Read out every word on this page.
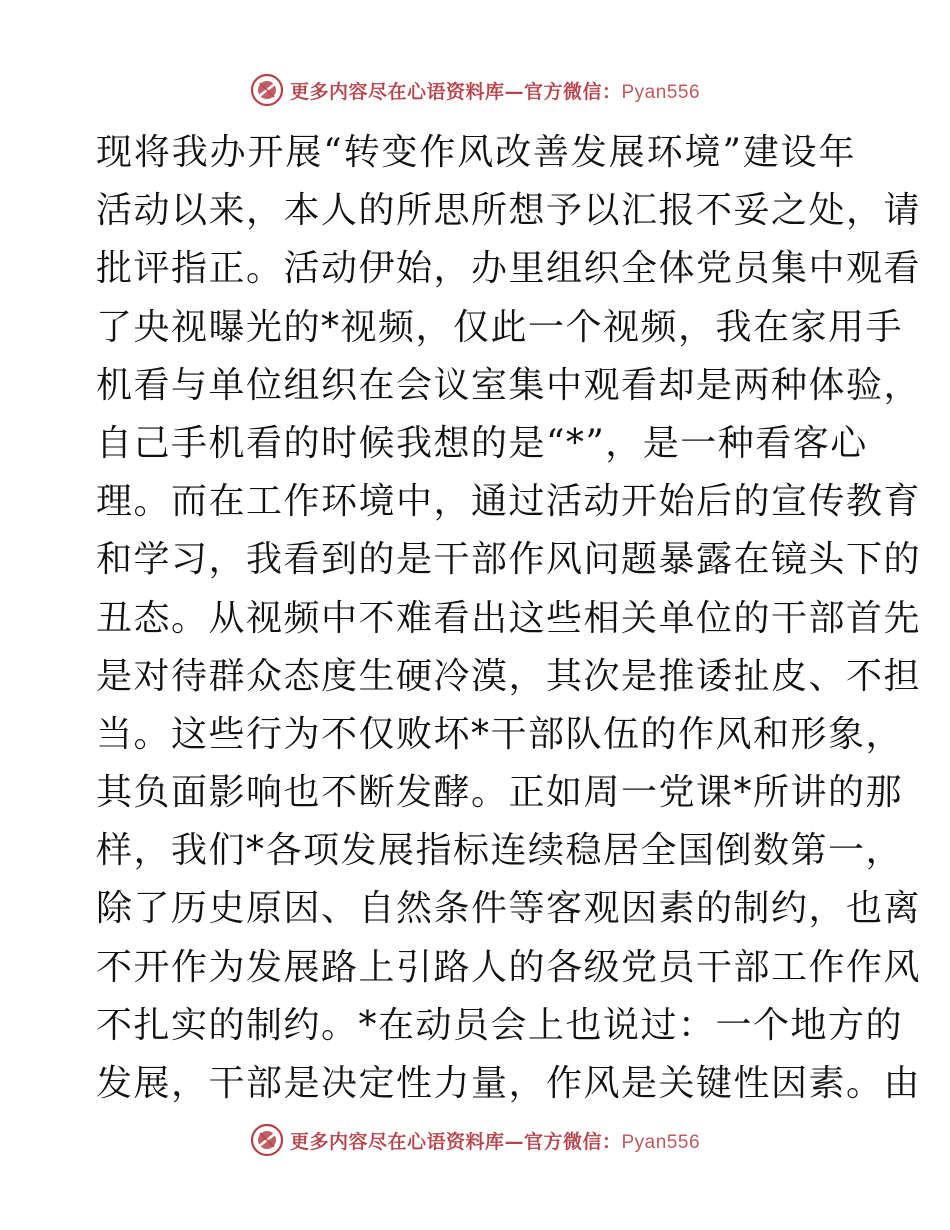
更多内容尽在心语资料库—官方微信：Pyan556
现将我办开展“转变作风改善发展环境”建设年
活动以来，本人的所思所想予以汇报不妥之处，请
批评指正。活动伊始，办里组织全体党员集中观看
了央视曝光的*视频，仅此一个视频，我在家用手
机看与单位组织在会议室集中观看却是两种体验，
自己手机看的时候我想的是“*”，是一种看客心
理。而在工作环境中，通过活动开始后的宣传教育
和学习，我看到的是干部作风问题暴露在镜头下的
丑态。从视频中不难看出这些相关单位的干部首先
是对待群众态度生硬冷漠，其次是推诿扯皮、不担
当。这些行为不仅败坏*干部队伍的作风和形象，
其负面影响也不断发酵。正如周一党课*所讲的那
样，我们*各项发展指标连续稳居全国倒数第一，
除了历史原因、自然条件等客观因素的制约，也离
不开作为发展路上引路人的各级党员干部工作作风
不扎实的制约。*在动员会上也说过：一个地方的
发展，干部是决定性力量，作风是关键性因素。由
更多内容尽在心语资料库—官方微信：Pyan556
